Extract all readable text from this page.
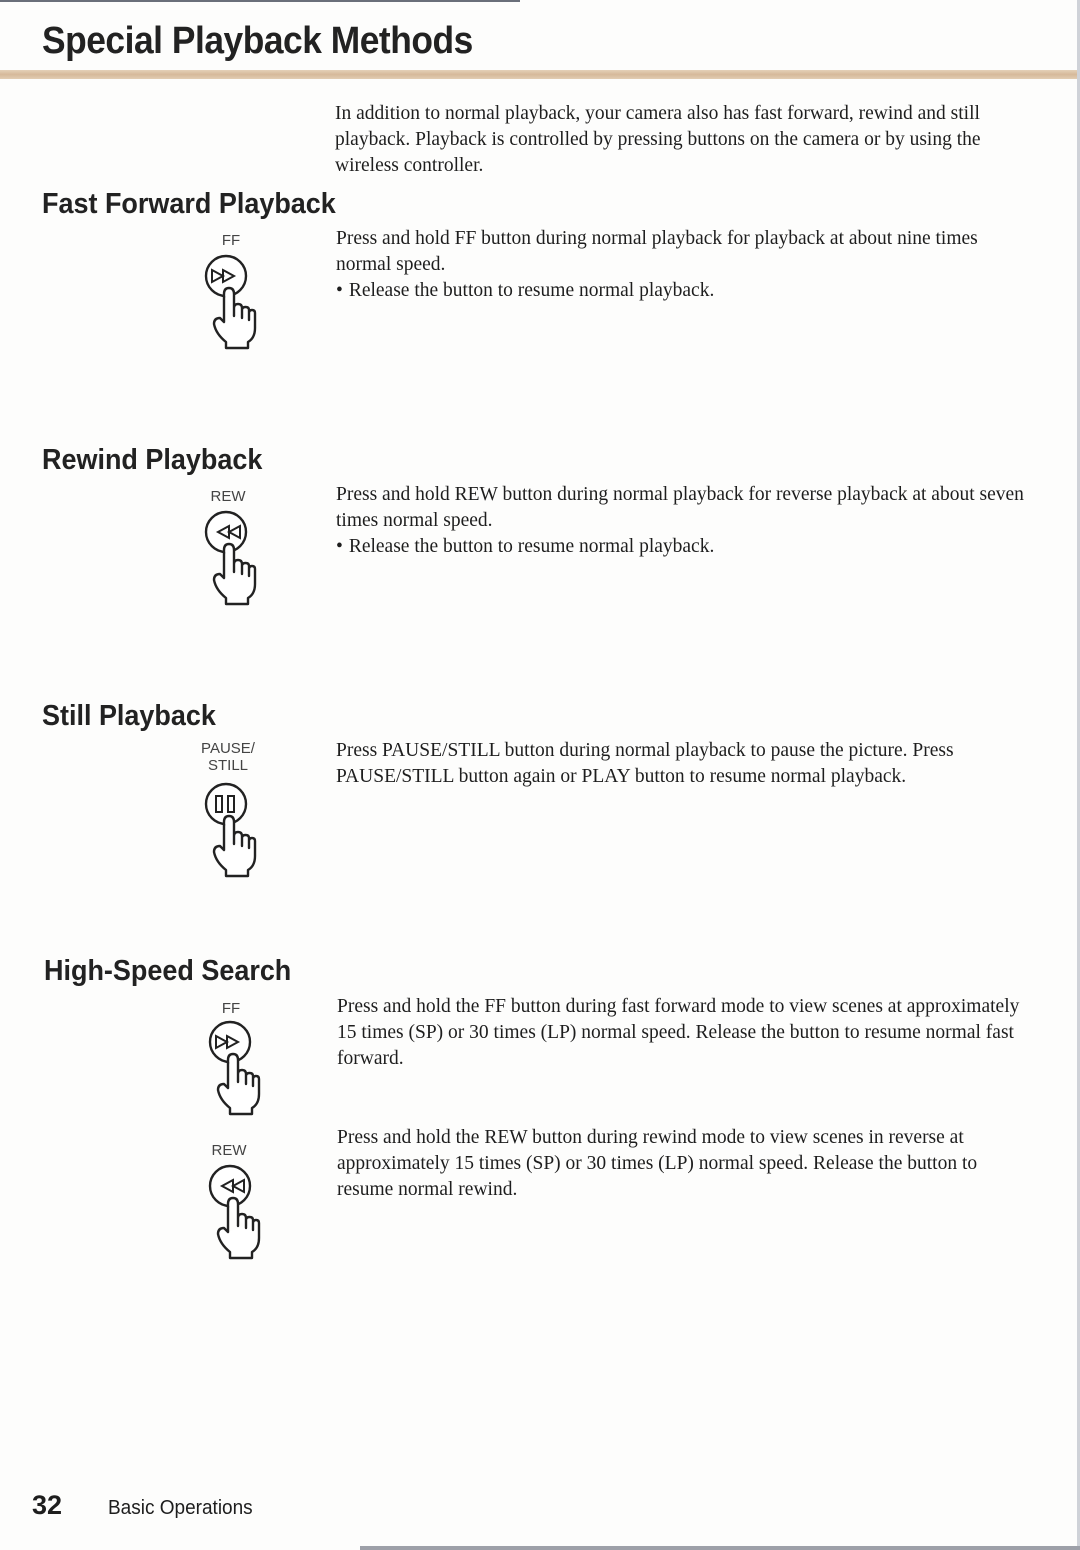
Special Playback Methods

In addition to normal playback, your camera also has fast forward, rewind and still playback. Playback is controlled by pressing buttons on the camera or by using the wireless controller.

Fast Forward Playback
FF	Press and hold FF button during normal playback for playback at about nine times normal speed.

• Release the button to resume normal playback.

Rewind Playback
REW	Press and hold REW button during normal playback for reverse playback at about seven times normal speed.

• Release the button to resume normal playback.

Still Playback
PAUSE/
STILL

Press PAUSE/STILL button during normal playback to pause the picture. Press PAUSE/STILL button again or PLAY button to resume normal playback.

High-Speed Search
FF	Press and hold the FF button during fast forward mode to view scenes at approximately 15 times (SP) or 30 times (LP) normal speed. Release the button to resume normal fast forward.

REW

Press and hold the REW button during rewind mode to view scenes in reverse at approximately 15 times (SP) or 30 times (LP) normal speed. Release the button to resume normal rewind.

32 Basic Operations
